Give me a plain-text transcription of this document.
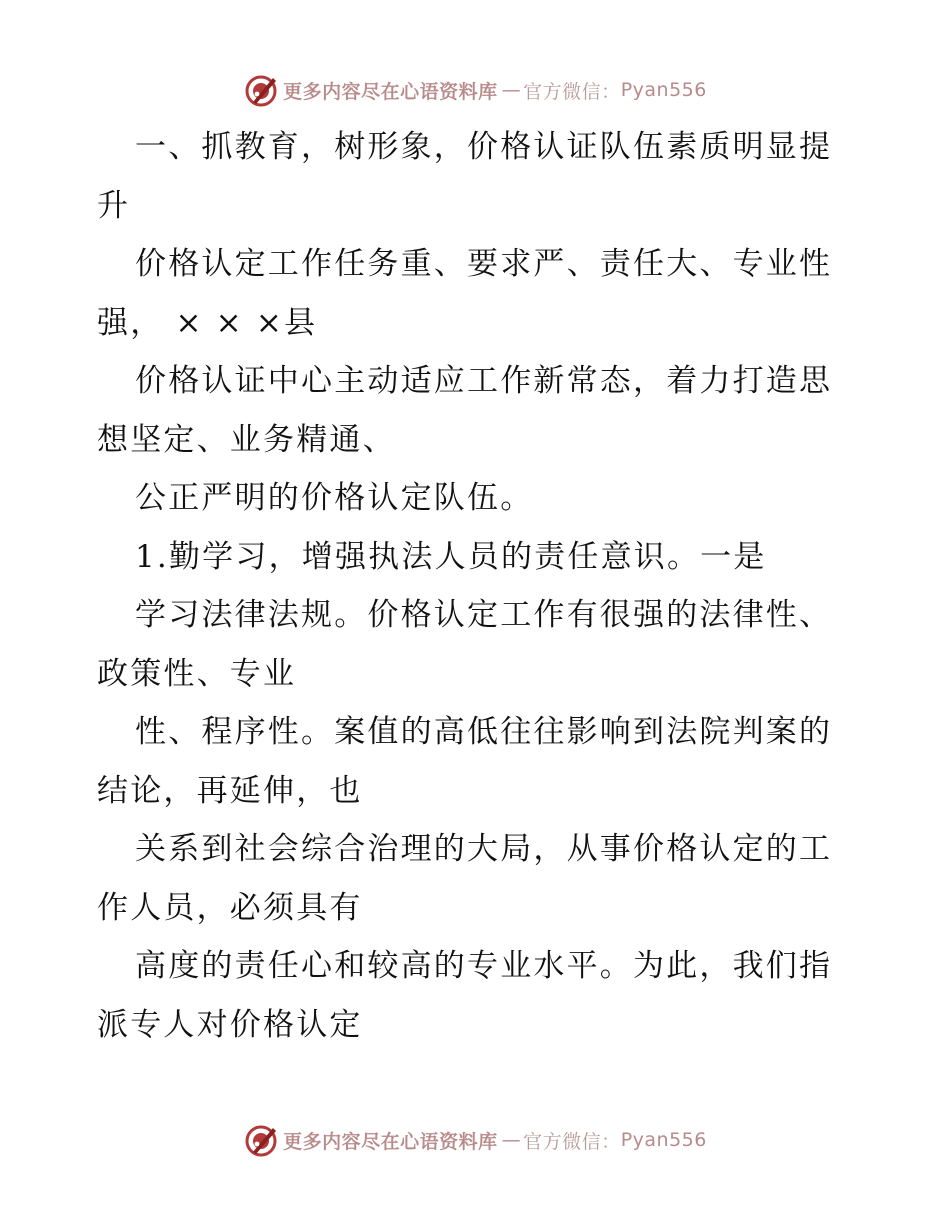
更多内容尽在心语资料库 — 官方微信： Pyan556
一、抓教育，树形象，价格认证队伍素质明显提
升
价格认定工作任务重、要求严、责任大、专业性
强， × × ×县
价格认证中心主动适应工作新常态，着力打造思
想坚定、业务精通、
公正严明的价格认定队伍。
1.勤学习，增强执法人员的责任意识。一是
学习法律法规。价格认定工作有很强的法律性、
政策性、专业
性、程序性。案值的高低往往影响到法院判案的
结论，再延伸，也
关系到社会综合治理的大局，从事价格认定的工
作人员，必须具有
高度的责任心和较高的专业水平。为此，我们指
派专人对价格认定
更多内容尽在心语资料库 — 官方微信： Pyan556
